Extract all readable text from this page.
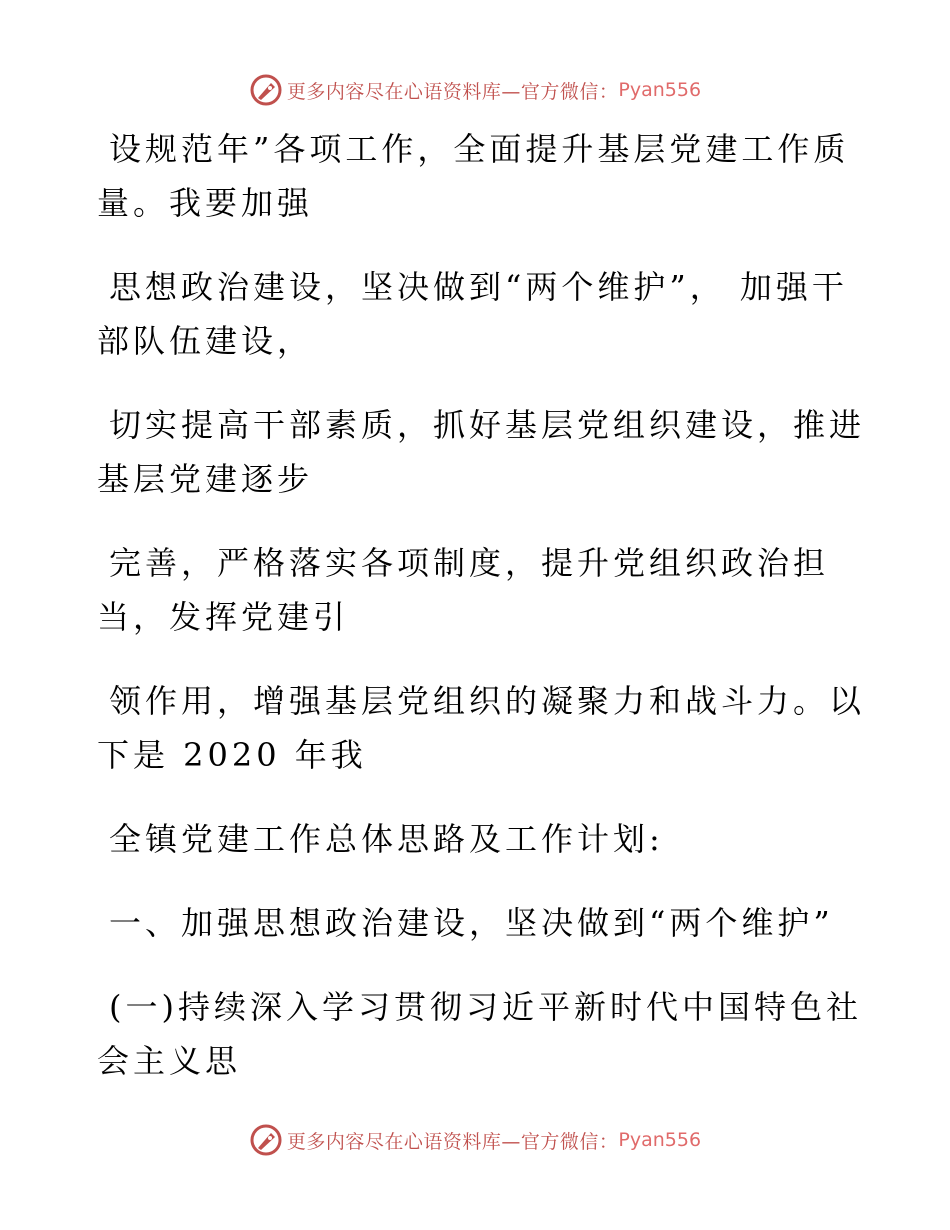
更多内容尽在心语资料库—官方微信： Pyan556

设规范年”各项工作，全面提升基层党建工作质
量。我要加强

思想政治建设，坚决做到“两个维护”， 加强干
部队伍建设，

切实提高干部素质，抓好基层党组织建设，推进
基层党建逐步

完善，严格落实各项制度，提升党组织政治担
当，发挥党建引

领作用，增强基层党组织的凝聚力和战斗力。以
下是 2020 年我

全镇党建工作总体思路及工作计划:

一、加强思想政治建设，坚决做到“两个维护”

(一)持续深入学习贯彻习近平新时代中国特色社
会主义思

更多内容尽在心语资料库—官方微信： Pyan556
